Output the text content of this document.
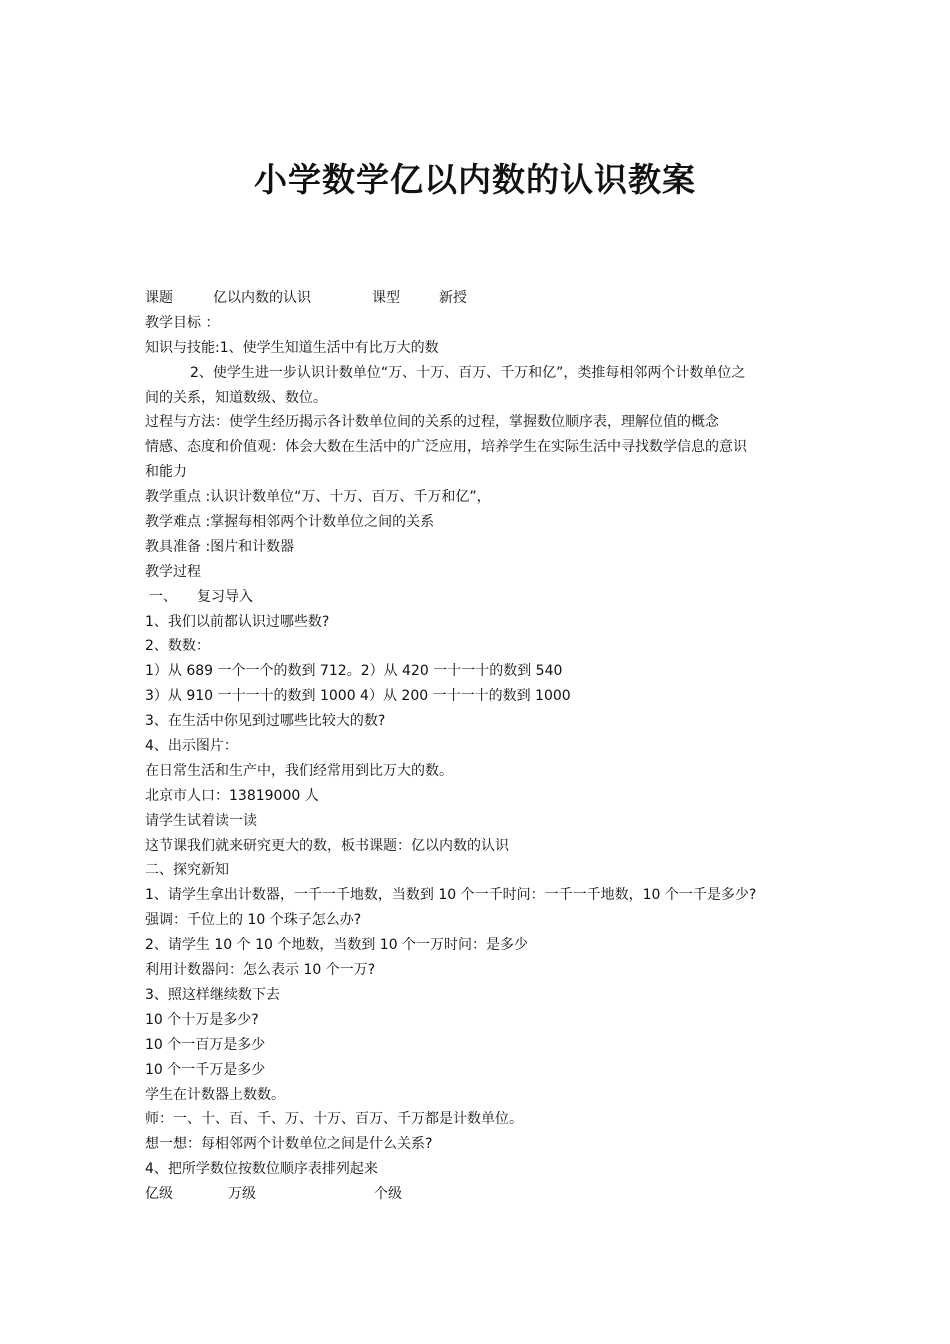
小学数学亿以内数的认识教案
课题	亿以内数的认识	课型	新授
教学目标 ：
知识与技能:1、使学生知道生活中有比万大的数
2、使学生进一步认识计数单位“万、十万、百万、千万和亿”，类推每相邻两个计数单位之
间的关系，知道数级、数位。
过程与方法：使学生经历揭示各计数单位间的关系的过程，掌握数位顺序表，理解位值的概念
情感、态度和价值观：体会大数在生活中的广泛应用，培养学生在实际生活中寻找数学信息的意识
和能力
教学重点 :认识计数单位“万、十万、百万、千万和亿”，
教学难点 :掌握每相邻两个计数单位之间的关系
教具准备 :图片和计数器
教学过程
一、	复习导入
1、我们以前都认识过哪些数?
2、数数：
1）从 689 一个一个的数到 712。2）从 420 一十一十的数到 540
3）从 910 一十一十的数到 1000 4）从 200 一十一十的数到 1000
3、在生活中你见到过哪些比较大的数?
4、出示图片：
在日常生活和生产中，我们经常用到比万大的数。
北京市人口：13819000 人
请学生试着读一读
这节课我们就来研究更大的数，板书课题：亿以内数的认识
二、探究新知
1、请学生拿出计数器，一千一千地数，当数到 10 个一千时问：一千一千地数，10 个一千是多少?
强调：千位上的 10 个珠子怎么办?
2、请学生 10 个 10 个地数，当数到 10 个一万时问：是多少
利用计数器问：怎么表示 10 个一万?
3、照这样继续数下去
10 个十万是多少?
10 个一百万是多少
10 个一千万是多少
学生在计数器上数数。
师：一、十、百、千、万、十万、百万、千万都是计数单位。
想一想：每相邻两个计数单位之间是什么关系?
4、把所学数位按数位顺序表排列起来
亿级	万级	个级
